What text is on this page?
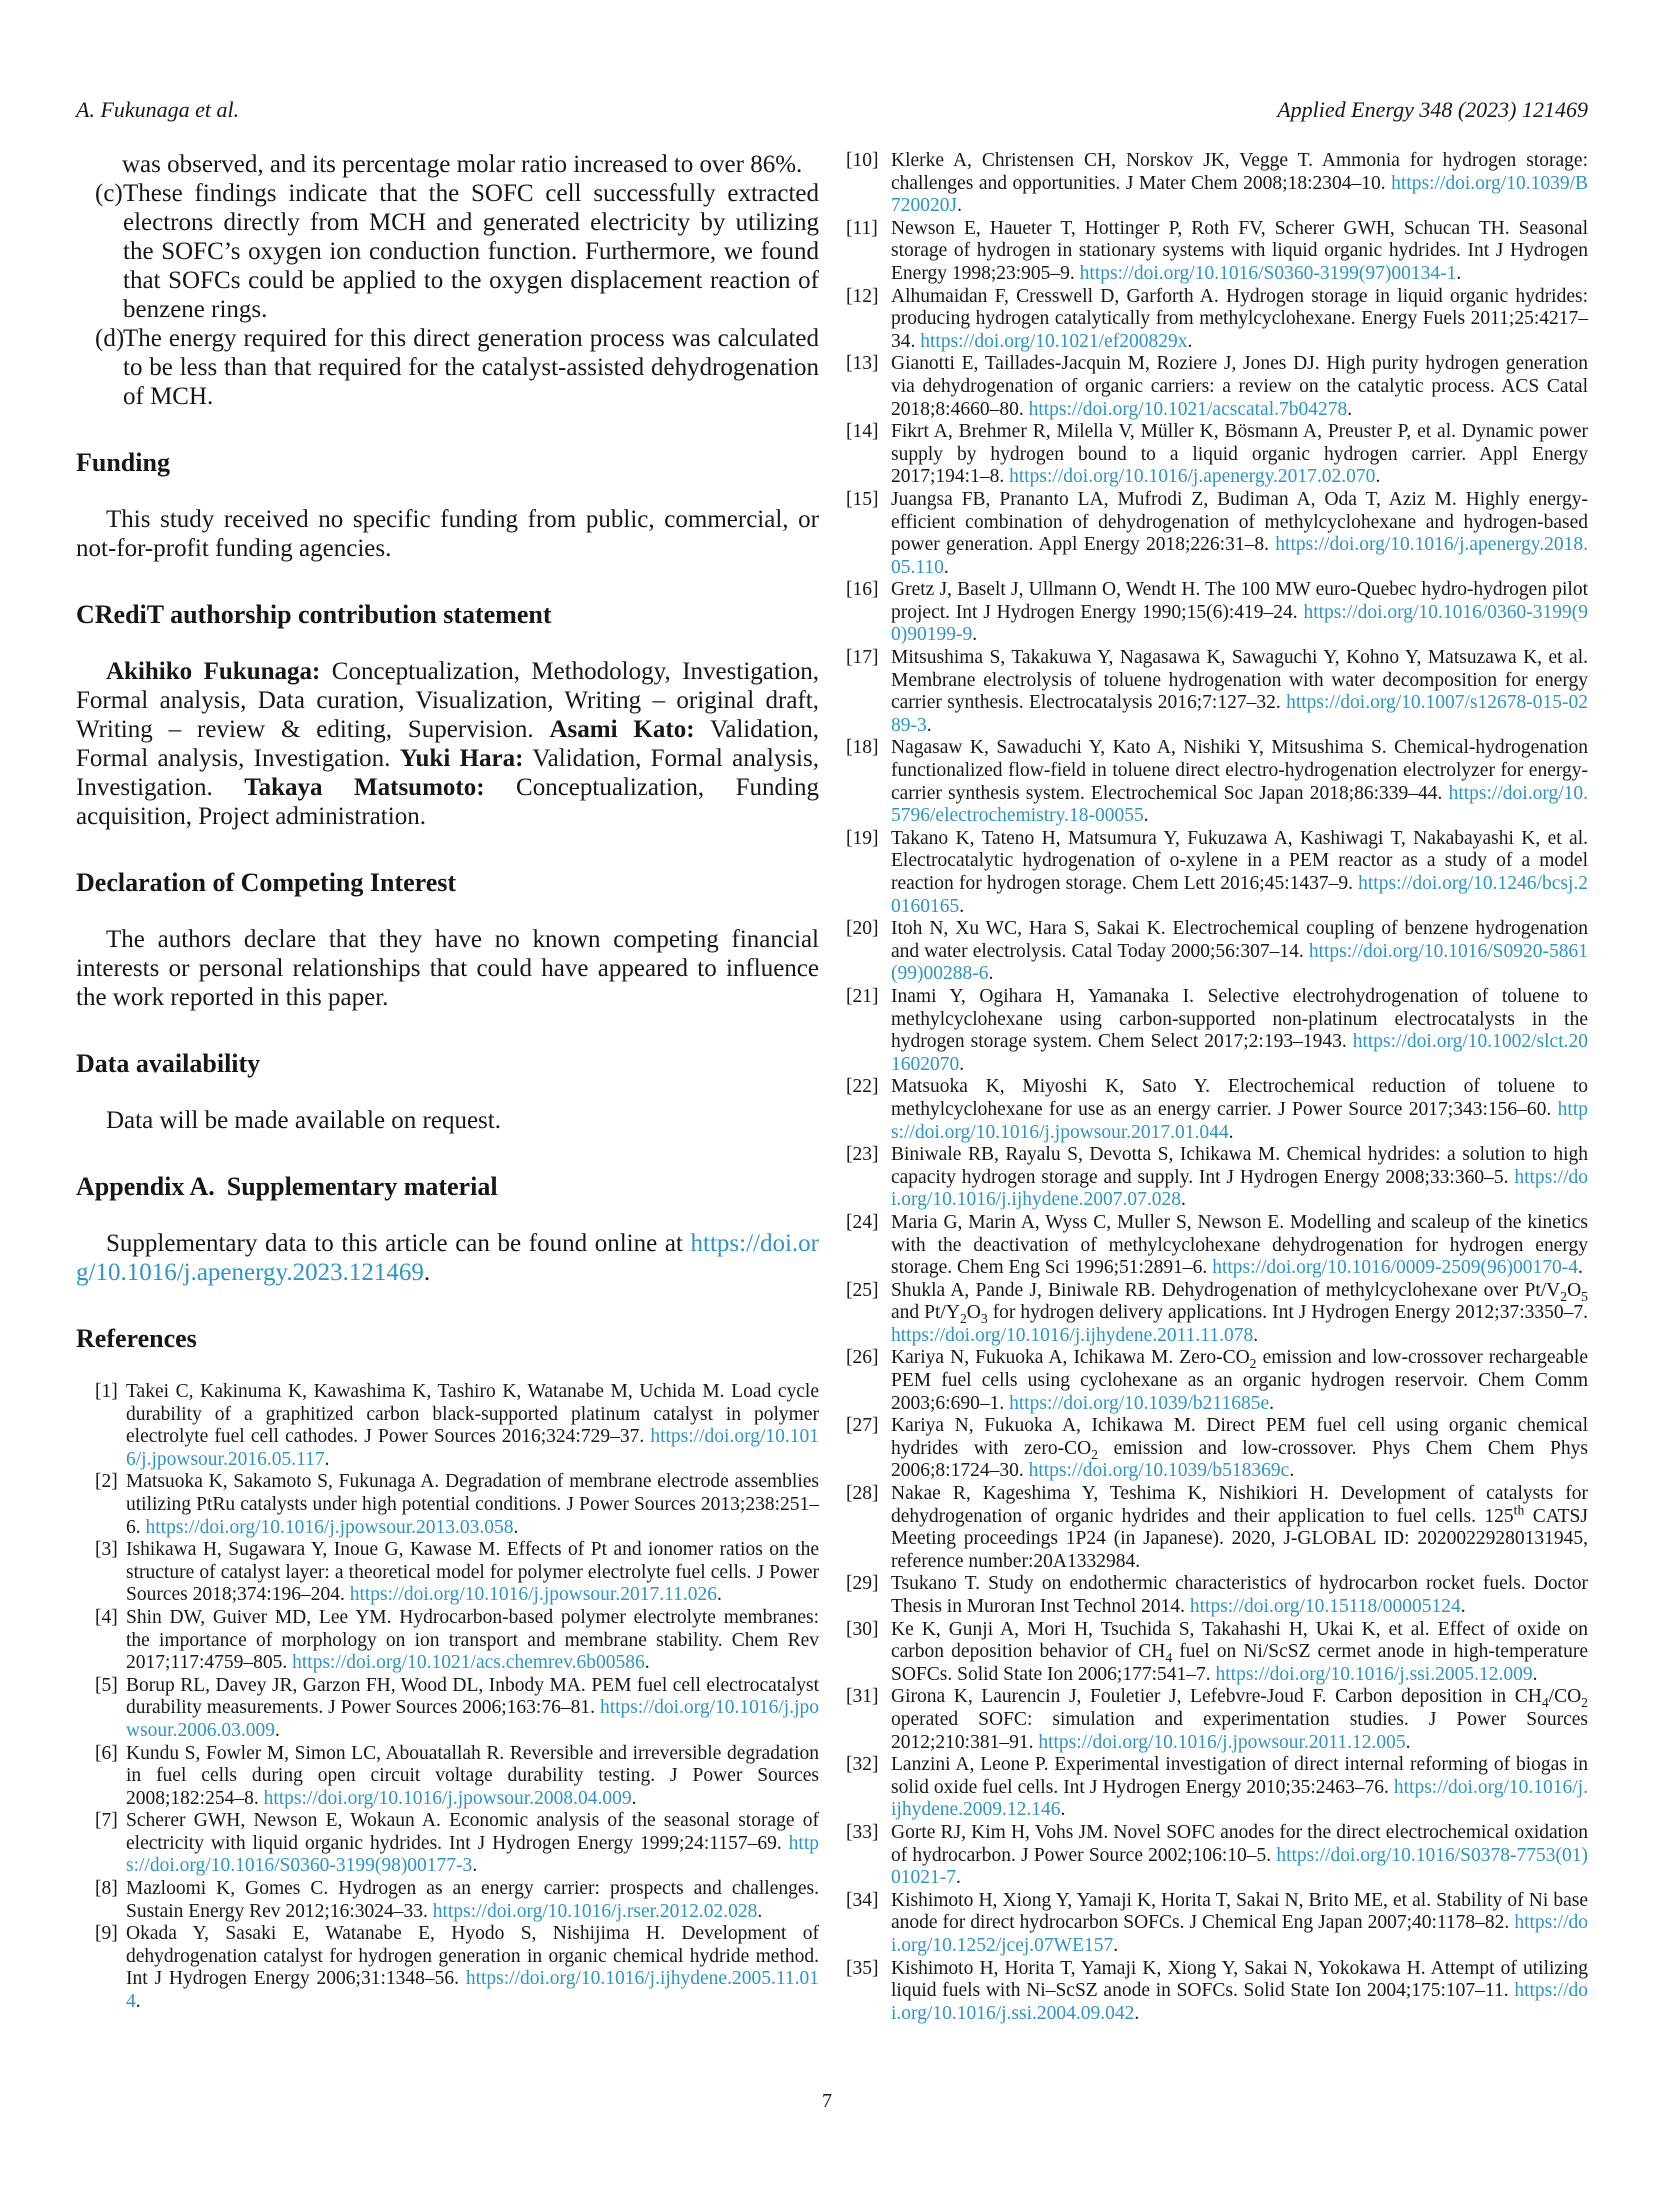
A. Fukunaga et al.	Applied Energy 348 (2023) 121469

was observed, and its percentage molar ratio increased to over 86%.

(c) These findings indicate that the SOFC cell successfully extracted electrons directly from MCH and generated electricity by utilizing the SOFC’s oxygen ion conduction function. Furthermore, we found that SOFCs could be applied to the oxygen displacement reaction of benzene rings.
(d)
The energy required for this direct generation process was calculated to be less than that required for the catalyst-assisted dehydrogenation of MCH.
Funding

This study received no specific funding from public, commercial, or not-for-profit funding agencies.

CRediT authorship contribution statement

Akihiko Fukunaga: Conceptualization, Methodology, Investigation, Formal analysis, Data curation, Visualization, Writing – original draft, Writing – review & editing, Supervision. Asami Kato: Validation, Formal analysis, Investigation. Yuki Hara: Validation, Formal analysis, Investigation. Takaya Matsumoto: Conceptualization, Funding acquisition, Project administration.

Declaration of Competing Interest

The authors declare that they have no known competing financial interests or personal relationships that could have appeared to influence the work reported in this paper.

Data availability

Data will be made available on request.

Appendix A. Supplementary material

Supplementary data to this article can be found online at https://doi.org/10.1016/j.apenergy.2023.121469.

References
[1] Takei C, Kakinuma K, Kawashima K, Tashiro K, Watanabe M, Uchida M. Load cycle durability of a graphitized carbon black-supported platinum catalyst in polymer electrolyte fuel cell cathodes. J Power Sources 2016;324:729–37. https://doi.org/10.1016/j.jpowsour.2016.05.117.
[2] Matsuoka K, Sakamoto S, Fukunaga A. Degradation of membrane electrode assemblies utilizing PtRu catalysts under high potential conditions. J Power Sources 2013;238:251–6. https://doi.org/10.1016/j.jpowsour.2013.03.058.
[3] Ishikawa H, Sugawara Y, Inoue G, Kawase M. Effects of Pt and ionomer ratios on the structure of catalyst layer: a theoretical model for polymer electrolyte fuel cells. J Power Sources 2018;374:196–204. https://doi.org/10.1016/j.jpowsour.2017.11.026.
[4] Shin DW, Guiver MD, Lee YM. Hydrocarbon-based polymer electrolyte membranes: the importance of morphology on ion transport and membrane stability. Chem Rev 2017;117:4759–805. https://doi.org/10.1021/acs.chemrev.6b00586.
[5] Borup RL, Davey JR, Garzon FH, Wood DL, Inbody MA. PEM fuel cell electrocatalyst durability measurements. J Power Sources 2006;163:76–81. https://doi.org/10.1016/j.jpowsour.2006.03.009.
[6] Kundu S, Fowler M, Simon LC, Abouatallah R. Reversible and irreversible degradation in fuel cells during open circuit voltage durability testing. J Power Sources 2008;182:254–8. https://doi.org/10.1016/j.jpowsour.2008.04.009.
[7] Scherer GWH, Newson E, Wokaun A. Economic analysis of the seasonal storage of electricity with liquid organic hydrides. Int J Hydrogen Energy 1999;24:1157–69. https://doi.org/10.1016/S0360-3199(98)00177-3.
[8] Mazloomi K, Gomes C. Hydrogen as an energy carrier: prospects and challenges. Sustain Energy Rev 2012;16:3024–33. https://doi.org/10.1016/j.rser.2012.02.028.
[9] Okada Y, Sasaki E, Watanabe E, Hyodo S, Nishijima H. Development of dehydrogenation catalyst for hydrogen generation in organic chemical hydride method. Int J Hydrogen Energy 2006;31:1348–56. https://doi.org/10.1016/j.ijhydene.2005.11.014.
[10] Klerke A, Christensen CH, Norskov JK, Vegge T. Ammonia for hydrogen storage: challenges and opportunities. J Mater Chem 2008;18:2304–10. https://doi.org/10.1039/B720020J.
[11] Newson E, Haueter T, Hottinger P, Roth FV, Scherer GWH, Schucan TH. Seasonal storage of hydrogen in stationary systems with liquid organic hydrides. Int J Hydrogen Energy 1998;23:905–9. https://doi.org/10.1016/S0360-3199(97)00134-1.
[12] Alhumaidan F, Cresswell D, Garforth A. Hydrogen storage in liquid organic hydrides: producing hydrogen catalytically from methylcyclohexane. Energy Fuels 2011;25:4217–34. https://doi.org/10.1021/ef200829x.
[13] Gianotti E, Taillades-Jacquin M, Roziere J, Jones DJ. High purity hydrogen generation via dehydrogenation of organic carriers: a review on the catalytic process. ACS Catal 2018;8:4660–80. https://doi.org/10.1021/acscatal.7b04278.
[14] Fikrt A, Brehmer R, Milella V, Müller K, Bösmann A, Preuster P, et al. Dynamic power supply by hydrogen bound to a liquid organic hydrogen carrier. Appl Energy 2017;194:1–8. https://doi.org/10.1016/j.apenergy.2017.02.070.
[15] Juangsa FB, Prananto LA, Mufrodi Z, Budiman A, Oda T, Aziz M. Highly energy-efficient combination of dehydrogenation of methylcyclohexane and hydrogen-based power generation. Appl Energy 2018;226:31–8. https://doi.org/10.1016/j.apenergy.2018.05.110.
[16] Gretz J, Baselt J, Ullmann O, Wendt H. The 100 MW euro-Quebec hydro-hydrogen pilot project. Int J Hydrogen Energy 1990;15(6):419–24. https://doi.org/10.1016/0360-3199(90)90199-9.
[17] Mitsushima S, Takakuwa Y, Nagasawa K, Sawaguchi Y, Kohno Y, Matsuzawa K, et al. Membrane electrolysis of toluene hydrogenation with water decomposition for energy carrier synthesis. Electrocatalysis 2016;7:127–32. https://doi.org/10.1007/s12678-015-0289-3.
[18] Nagasaw K, Sawaduchi Y, Kato A, Nishiki Y, Mitsushima S. Chemical-hydrogenation functionalized flow-field in toluene direct electro-hydrogenation electrolyzer for energy-carrier synthesis system. Electrochemical Soc Japan 2018;86:339–44. https://doi.org/10.5796/electrochemistry.18-00055.
[19] Takano K, Tateno H, Matsumura Y, Fukuzawa A, Kashiwagi T, Nakabayashi K, et al. Electrocatalytic hydrogenation of o-xylene in a PEM reactor as a study of a model reaction for hydrogen storage. Chem Lett 2016;45:1437–9. https://doi.org/10.1246/bcsj.20160165.
[20] Itoh N, Xu WC, Hara S, Sakai K. Electrochemical coupling of benzene hydrogenation and water electrolysis. Catal Today 2000;56:307–14. https://doi.org/10.1016/S0920-5861(99)00288-6.
[21] Inami Y, Ogihara H, Yamanaka I. Selective electrohydrogenation of toluene to methylcyclohexane using carbon-supported non-platinum electrocatalysts in the hydrogen storage system. Chem Select 2017;2:193–1943. https://doi.org/10.1002/slct.201602070.
[22] Matsuoka K, Miyoshi K, Sato Y. Electrochemical reduction of toluene to methylcyclohexane for use as an energy carrier. J Power Source 2017;343:156–60. https://doi.org/10.1016/j.jpowsour.2017.01.044.
[23] Biniwale RB, Rayalu S, Devotta S, Ichikawa M. Chemical hydrides: a solution to high capacity hydrogen storage and supply. Int J Hydrogen Energy 2008;33:360–5. https://doi.org/10.1016/j.ijhydene.2007.07.028.
[24] Maria G, Marin A, Wyss C, Muller S, Newson E. Modelling and scaleup of the kinetics with the deactivation of methylcyclohexane dehydrogenation for hydrogen energy storage. Chem Eng Sci 1996;51:2891–6. https://doi.org/10.1016/0009-2509(96)00170-4.
[25] Shukla A, Pande J, Biniwale RB. Dehydrogenation of methylcyclohexane over $Pt/V_2O_5$ and $Pt/Y_2O_3$ for hydrogen delivery applications. Int J Hydrogen Energy 2012;37:3350–7. https://doi.org/10.1016/j.ijhydene.2011.11.078.
[26] Kariya N, Fukuoka A, Ichikawa M. Zero-$CO_2$ emission and low-crossover rechargeable PEM fuel cells using cyclohexane as an organic hydrogen reservoir. Chem Comm 2003;6:690–1. https://doi.org/10.1039/b211685e.
[27] Kariya N, Fukuoka A, Ichikawa M. Direct PEM fuel cell using organic chemical hydrides with zero-$CO_2$ emission and low-crossover. Phys Chem Chem Phys 2006;8:1724–30. https://doi.org/10.1039/b518369c.
[28] Nakae R, Kageshima Y, Teshima K, Nishikiori H. Development of catalysts for dehydrogenation of organic hydrides and their application to fuel cells. 125th CATSJ Meeting proceedings 1P24 (in Japanese). 2020, J-GLOBAL ID: 20200229280131945, reference number:20A1332984.
[29] Tsukano T. Study on endothermic characteristics of hydrocarbon rocket fuels. Doctor Thesis in Muroran Inst Technol 2014. https://doi.org/10.15118/00005124.
[30] Ke K, Gunji A, Mori H, Tsuchida S, Takahashi H, Ukai K, et al. Effect of oxide on carbon deposition behavior of $CH_4$ fuel on Ni/ScSZ cermet anode in high-temperature SOFCs. Solid State Ion 2006;177:541–7. https://doi.org/10.1016/j.ssi.2005.12.009.
[31] Girona K, Laurencin J, Fouletier J, Lefebvre-Joud F. Carbon deposition in $CH_4/CO_2$ operated SOFC: simulation and experimentation studies. J Power Sources 2012;210:381–91. https://doi.org/10.1016/j.jpowsour.2011.12.005.
[32] Lanzini A, Leone P. Experimental investigation of direct internal reforming of biogas in solid oxide fuel cells. Int J Hydrogen Energy 2010;35:2463–76. https://doi.org/10.1016/j.ijhydene.2009.12.146.
[33] Gorte RJ, Kim H, Vohs JM. Novel SOFC anodes for the direct electrochemical oxidation of hydrocarbon. J Power Source 2002;106:10–5. https://doi.org/10.1016/S0378-7753(01)01021-7.
[34] Kishimoto H, Xiong Y, Yamaji K, Horita T, Sakai N, Brito ME, et al. Stability of Ni base anode for direct hydrocarbon SOFCs. J Chemical Eng Japan 2007;40:1178–82. https://doi.org/10.1252/jcej.07WE157.
[35] Kishimoto H, Horita T, Yamaji K, Xiong Y, Sakai N, Yokokawa H. Attempt of utilizing liquid fuels with Ni–ScSZ anode in SOFCs. Solid State Ion 2004;175:107–11. https://doi.org/10.1016/j.ssi.2004.09.042.
7
